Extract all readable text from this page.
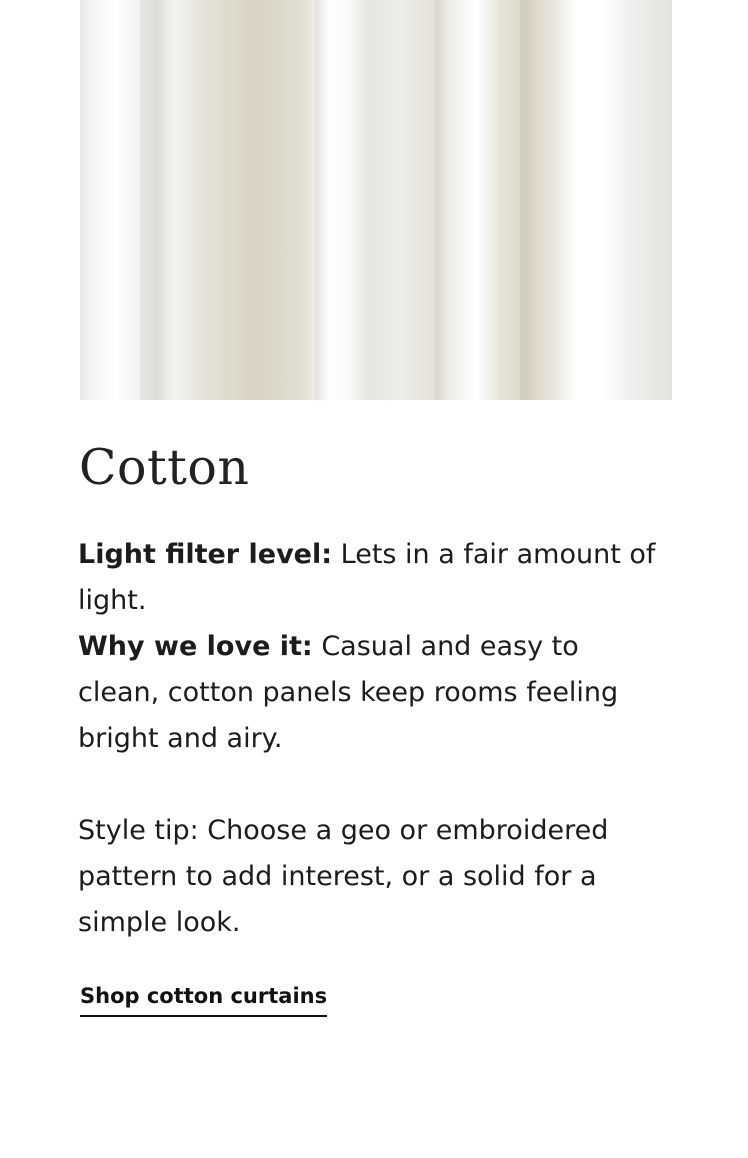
Cotton

Light filter level: Lets in a fair amount of light.

Why we love it: Casual and easy to clean, cotton panels keep rooms feeling bright and airy.

Style tip: Choose a geo or embroidered pattern to add interest, or a solid for a simple look.

Shop cotton curtains
